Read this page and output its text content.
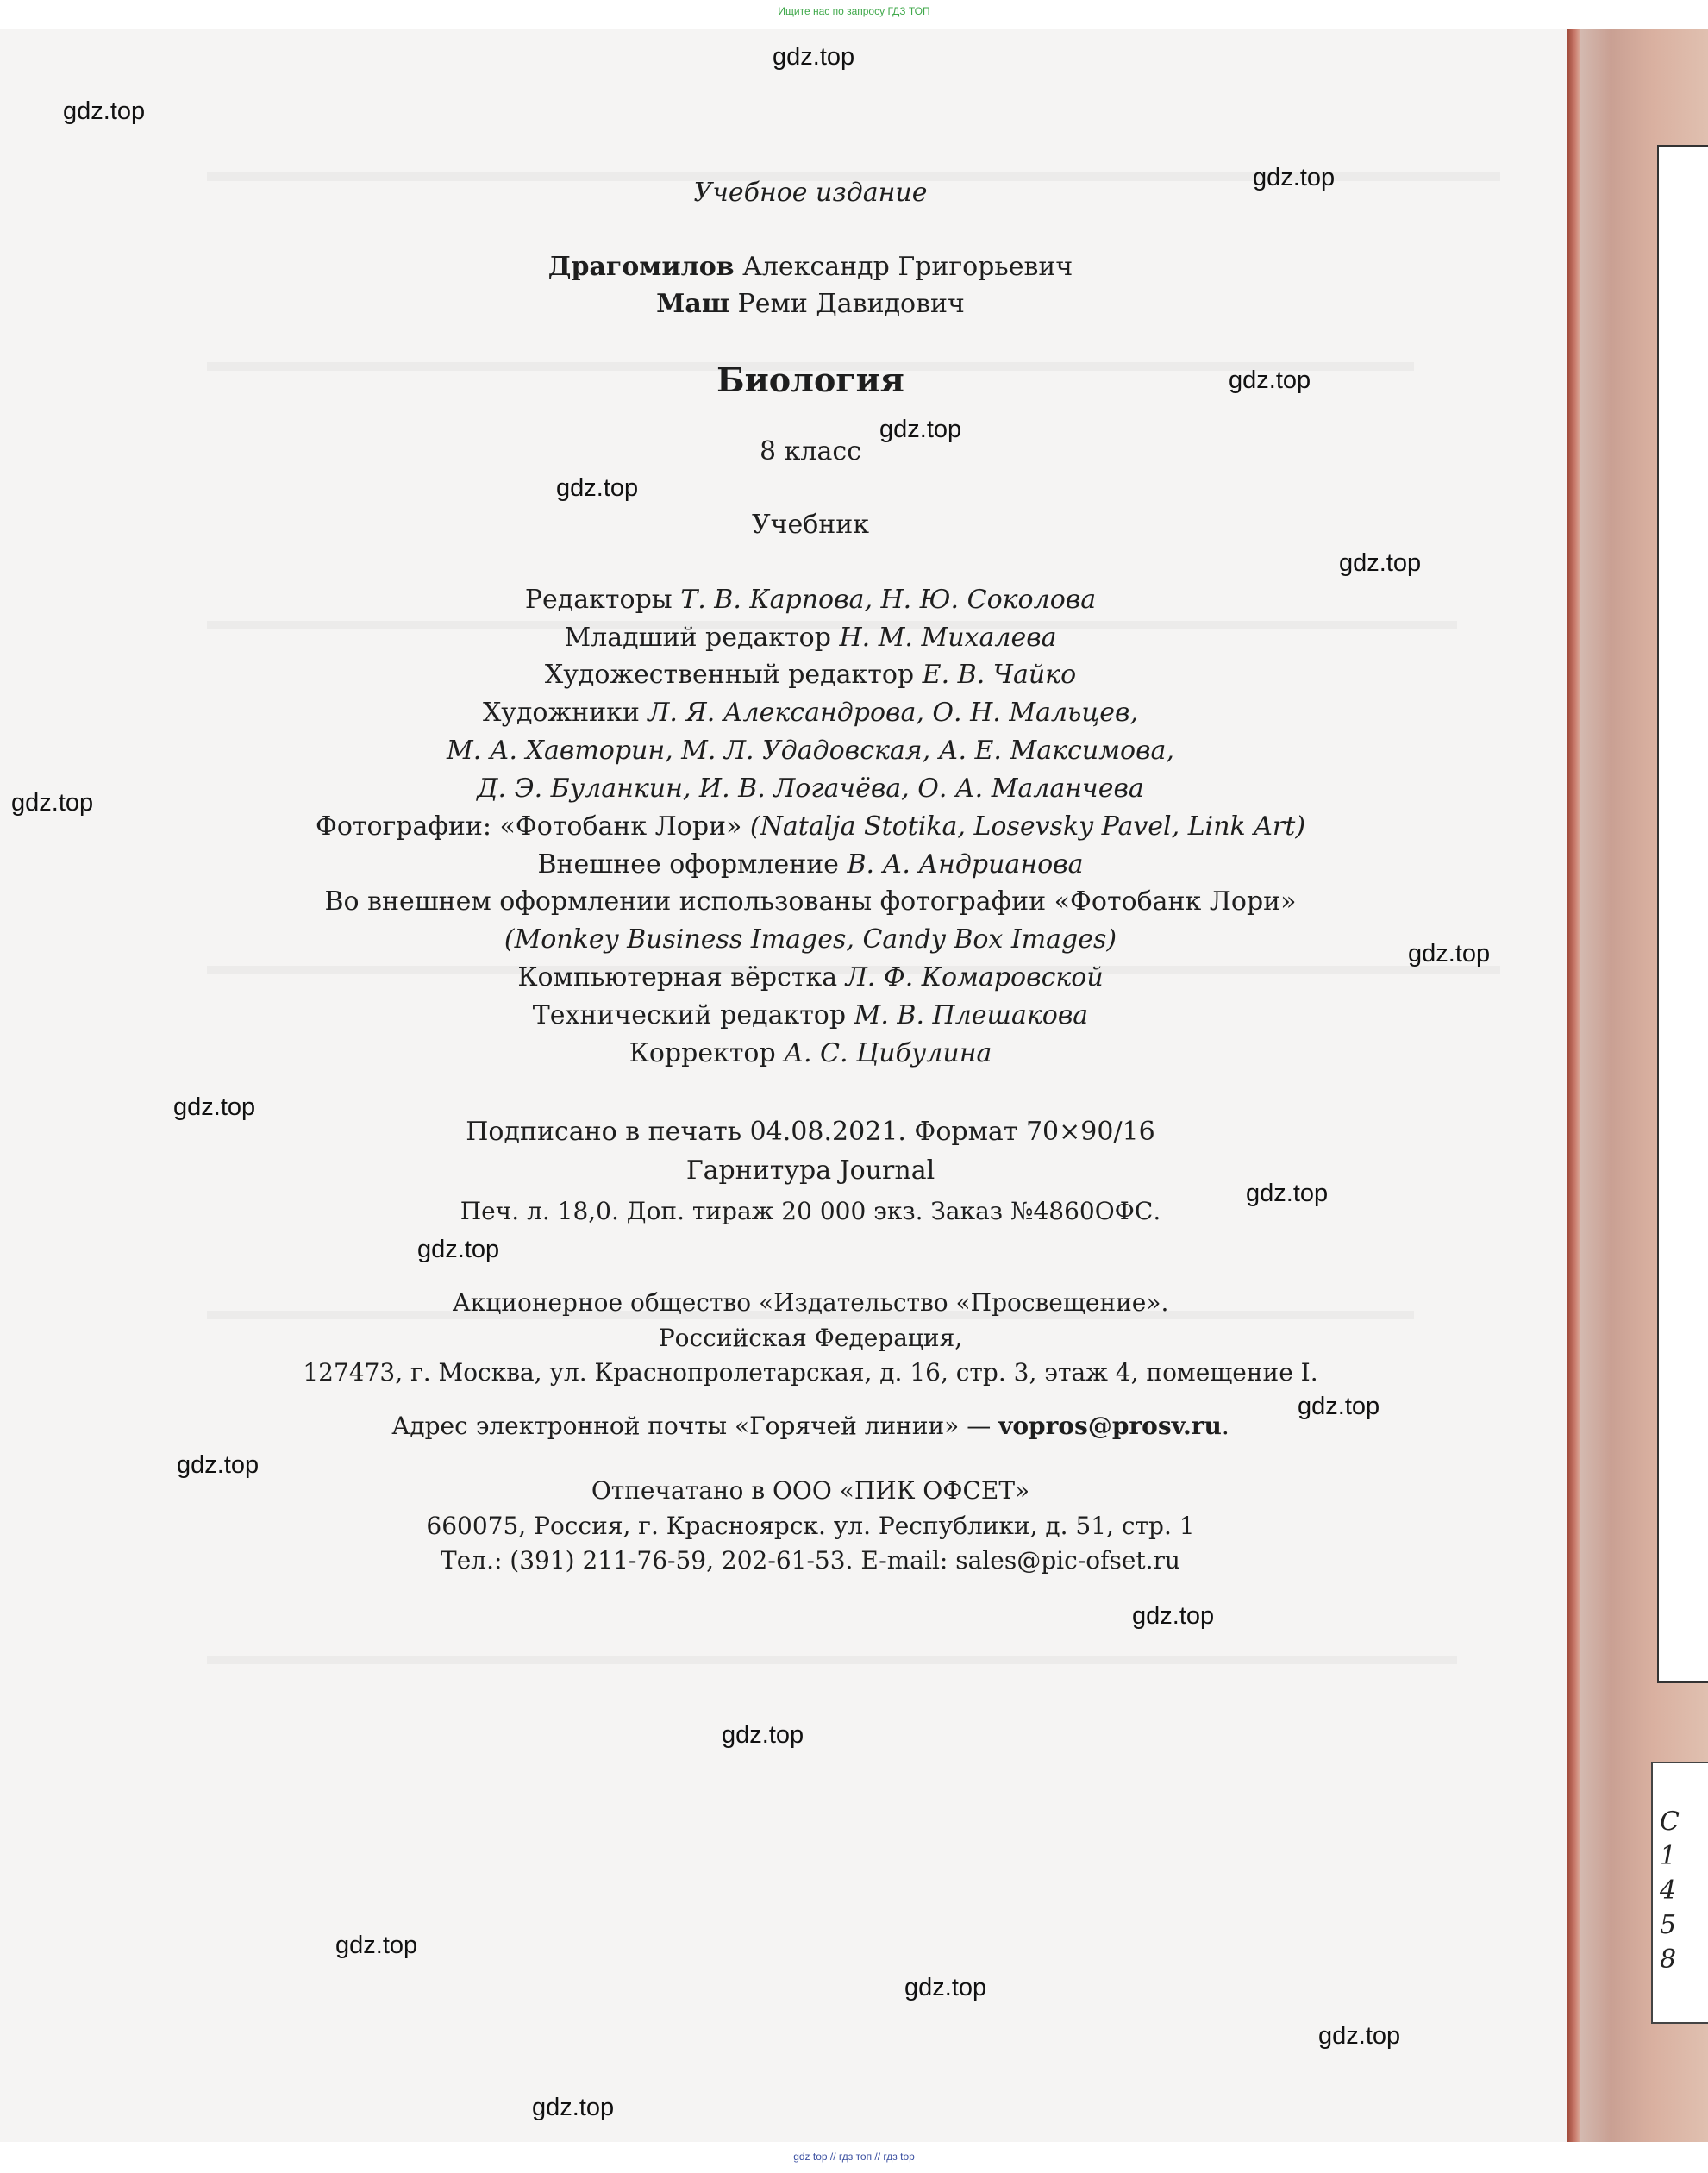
Ищите нас по запросу ГДЗ ТОП
С
1
4
5
8
Учебное издание
Драгомилов Александр Григорьевич
Маш Реми Давидович
Биология
8 класс
Учебник
Редакторы Т. В. Карпова, Н. Ю. Соколова
Младший редактор Н. М. Михалева
Художественный редактор Е. В. Чайко
Художники Л. Я. Александрова, О. Н. Мальцев,
М. А. Хавторин, М. Л. Удадовская, А. Е. Максимова,
Д. Э. Буланкин, И. В. Логачёва, О. А. Маланчева
Фотографии: «Фотобанк Лори» (Natalja Stotika, Losevsky Pavel, Link Art)
Внешнее оформление В. А. Андрианова
Во внешнем оформлении использованы фотографии «Фотобанк Лори»
(Monkey Business Images, Candy Box Images)
Компьютерная вёрстка Л. Ф. Комаровской
Технический редактор М. В. Плешакова
Корректор А. С. Цибулина
Подписано в печать 04.08.2021. Формат 70×90/16
Гарнитура Journal
Печ. л. 18,0. Доп. тираж 20 000 экз. Заказ №4860ОФС.
Акционерное общество «Издательство «Просвещение».
Российская Федерация,
127473, г. Москва, ул. Краснопролетарская, д. 16, стр. 3, этаж 4, помещение I.
Адрес электронной почты «Горячей линии» — vopros@prosv.ru.
Отпечатано в ООО «ПИК ОФСЕТ»
660075, Россия, г. Красноярск. ул. Республики, д. 51, стр. 1
Тел.: (391) 211-76-59, 202-61-53. E-mail: sales@pic-ofset.ru
gdz.top
gdz.top
gdz.top
gdz.top
gdz.top
gdz.top
gdz.top
gdz.top
gdz.top
gdz.top
gdz.top
gdz.top
gdz.top
gdz.top
gdz.top
gdz.top
gdz.top
gdz.top
gdz.top
gdz.top
gdz top // гдз топ // гдз top
